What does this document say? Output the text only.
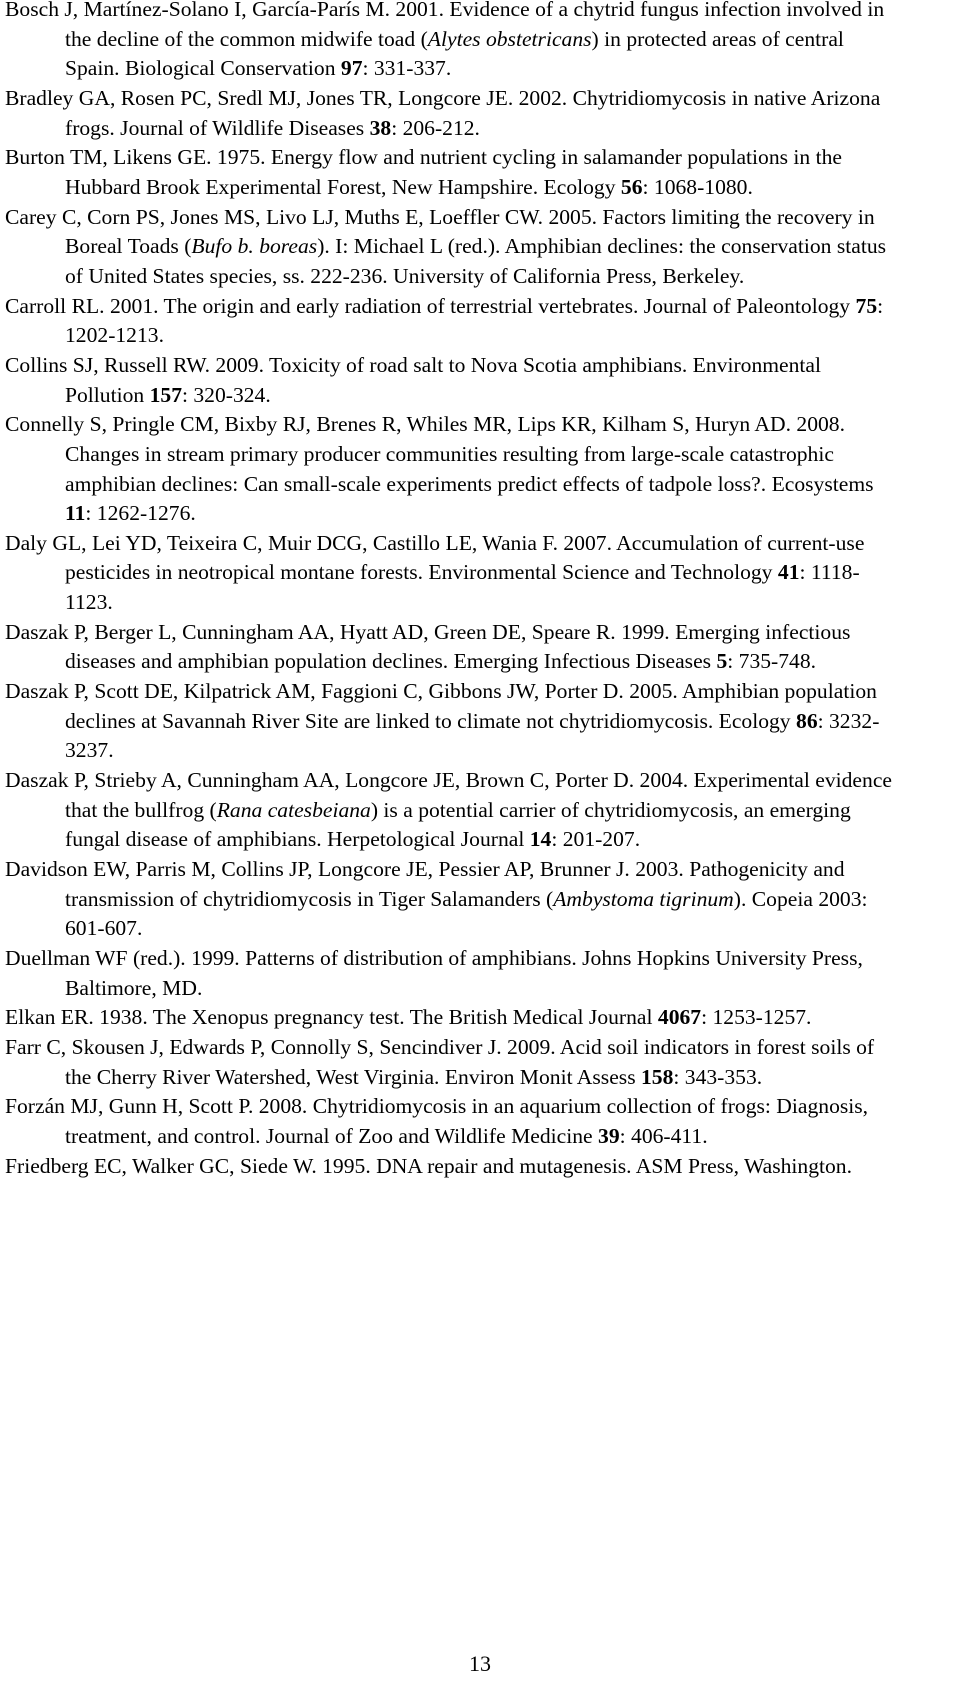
Bosch J, Martínez-Solano I, García-París M. 2001. Evidence of a chytrid fungus infection involved in the decline of the common midwife toad (Alytes obstetricans) in protected areas of central Spain. Biological Conservation 97: 331-337.
Bradley GA, Rosen PC, Sredl MJ, Jones TR, Longcore JE. 2002. Chytridiomycosis in native Arizona frogs. Journal of Wildlife Diseases 38: 206-212.
Burton TM, Likens GE. 1975. Energy flow and nutrient cycling in salamander populations in the Hubbard Brook Experimental Forest, New Hampshire. Ecology 56: 1068-1080.
Carey C, Corn PS, Jones MS, Livo LJ, Muths E, Loeffler CW. 2005. Factors limiting the recovery in Boreal Toads (Bufo b. boreas). I: Michael L (red.). Amphibian declines: the conservation status of United States species, ss. 222-236. University of California Press, Berkeley.
Carroll RL. 2001. The origin and early radiation of terrestrial vertebrates. Journal of Paleontology 75: 1202-1213.
Collins SJ, Russell RW. 2009. Toxicity of road salt to Nova Scotia amphibians. Environmental Pollution 157: 320-324.
Connelly S, Pringle CM, Bixby RJ, Brenes R, Whiles MR, Lips KR, Kilham S, Huryn AD. 2008. Changes in stream primary producer communities resulting from large-scale catastrophic amphibian declines: Can small-scale experiments predict effects of tadpole loss?. Ecosystems 11: 1262-1276.
Daly GL, Lei YD, Teixeira C, Muir DCG, Castillo LE, Wania F. 2007. Accumulation of current-use pesticides in neotropical montane forests. Environmental Science and Technology 41: 1118-1123.
Daszak P, Berger L, Cunningham AA, Hyatt AD, Green DE, Speare R. 1999. Emerging infectious diseases and amphibian population declines. Emerging Infectious Diseases 5: 735-748.
Daszak P, Scott DE, Kilpatrick AM, Faggioni C, Gibbons JW, Porter D. 2005. Amphibian population declines at Savannah River Site are linked to climate not chytridiomycosis. Ecology 86: 3232-3237.
Daszak P, Strieby A, Cunningham AA, Longcore JE, Brown C, Porter D. 2004. Experimental evidence that the bullfrog (Rana catesbeiana) is a potential carrier of chytridiomycosis, an emerging fungal disease of amphibians. Herpetological Journal 14: 201-207.
Davidson EW, Parris M, Collins JP, Longcore JE, Pessier AP, Brunner J. 2003. Pathogenicity and transmission of chytridiomycosis in Tiger Salamanders (Ambystoma tigrinum). Copeia 2003: 601-607.
Duellman WF (red.). 1999. Patterns of distribution of amphibians. Johns Hopkins University Press, Baltimore, MD.
Elkan ER. 1938. The Xenopus pregnancy test. The British Medical Journal 4067: 1253-1257.
Farr C, Skousen J, Edwards P, Connolly S, Sencindiver J. 2009. Acid soil indicators in forest soils of the Cherry River Watershed, West Virginia. Environ Monit Assess 158: 343-353.
Forzán MJ, Gunn H, Scott P. 2008. Chytridiomycosis in an aquarium collection of frogs: Diagnosis, treatment, and control. Journal of Zoo and Wildlife Medicine 39: 406-411.
Friedberg EC, Walker GC, Siede W. 1995. DNA repair and mutagenesis. ASM Press, Washington.
13
